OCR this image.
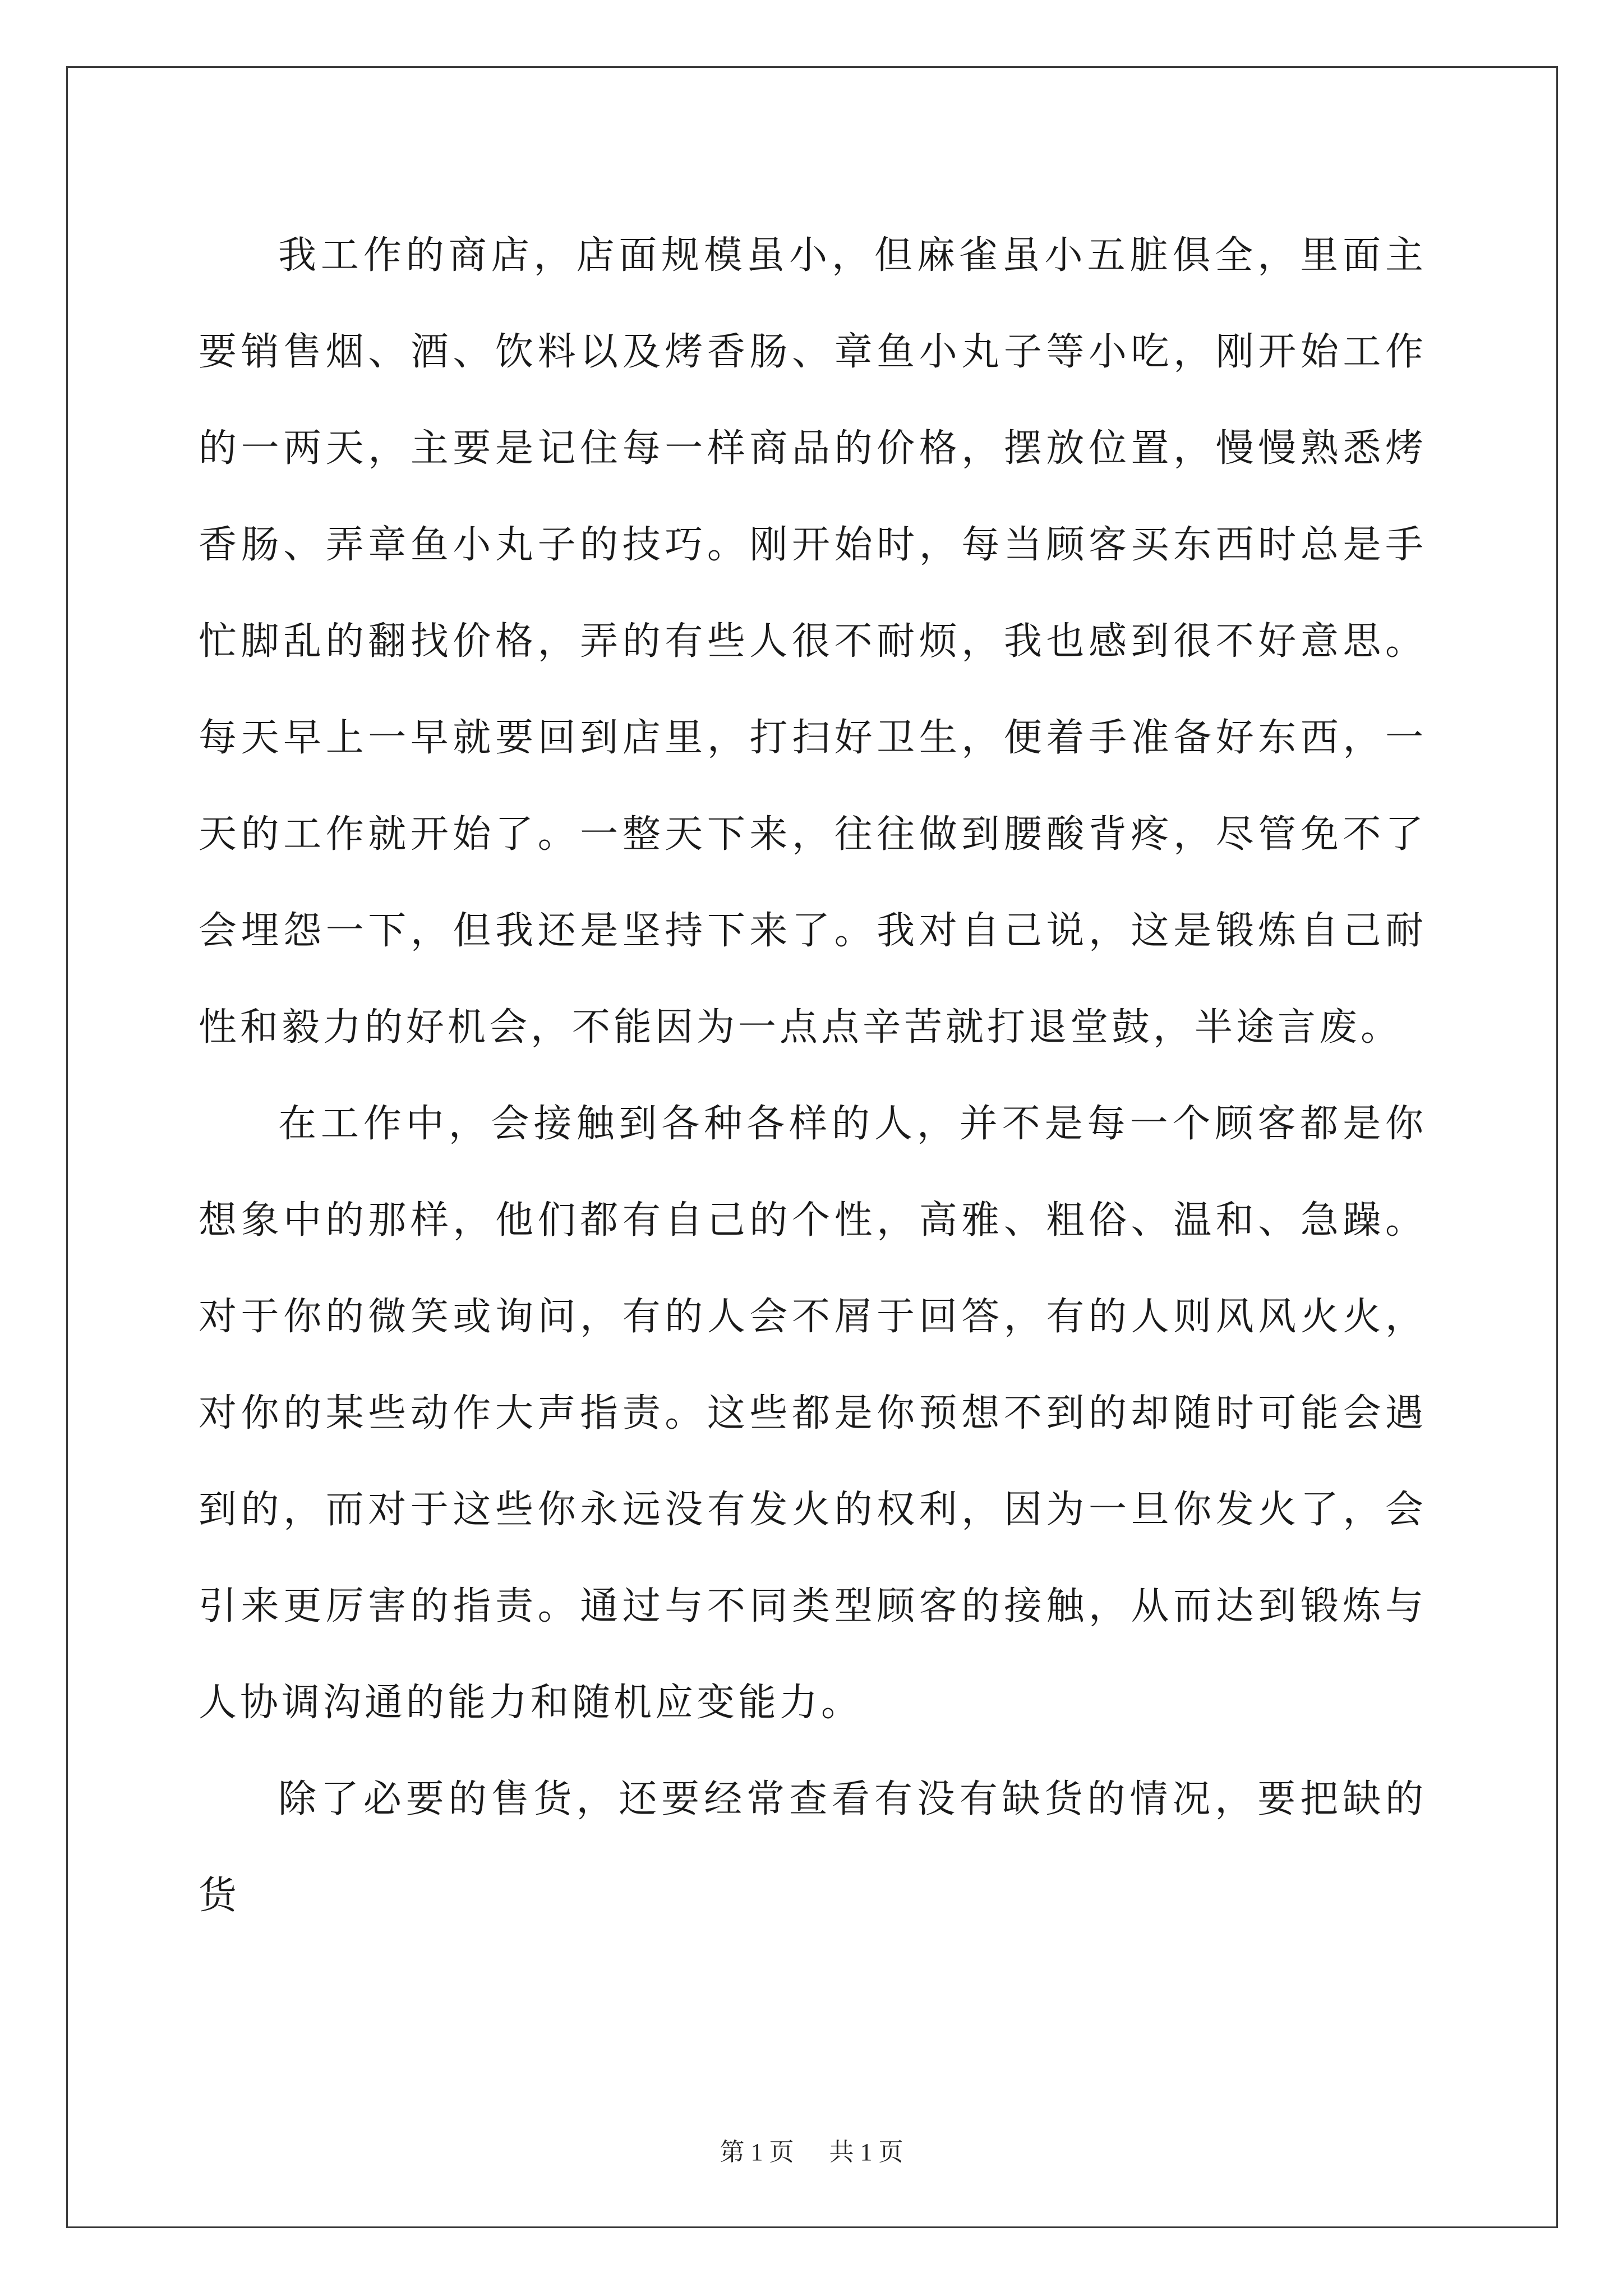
我工作的商店，店面规模虽小，但麻雀虽小五脏俱全，里面主要销售烟、酒、饮料以及烤香肠、章鱼小丸子等小吃，刚开始工作的一两天，主要是记住每一样商品的价格，摆放位置，慢慢熟悉烤香肠、弄章鱼小丸子的技巧。刚开始时，每当顾客买东西时总是手忙脚乱的翻找价格，弄的有些人很不耐烦，我也感到很不好意思。每天早上一早就要回到店里，打扫好卫生，便着手准备好东西，一天的工作就开始了。一整天下来，往往做到腰酸背疼，尽管免不了会埋怨一下，但我还是坚持下来了。我对自己说，这是锻炼自己耐性和毅力的好机会，不能因为一点点辛苦就打退堂鼓，半途言废。

在工作中，会接触到各种各样的人，并不是每一个顾客都是你想象中的那样，他们都有自己的个性，高雅、粗俗、温和、急躁。对于你的微笑或询问，有的人会不屑于回答，有的人则风风火火，对你的某些动作大声指责。这些都是你预想不到的却随时可能会遇到的，而对于这些你永远没有发火的权利，因为一旦你发火了，会引来更厉害的指责。通过与不同类型顾客的接触，从而达到锻炼与人协调沟通的能力和随机应变能力。

除了必要的售货，还要经常查看有没有缺货的情况，要把缺的货

第 1 页 共 1 页
